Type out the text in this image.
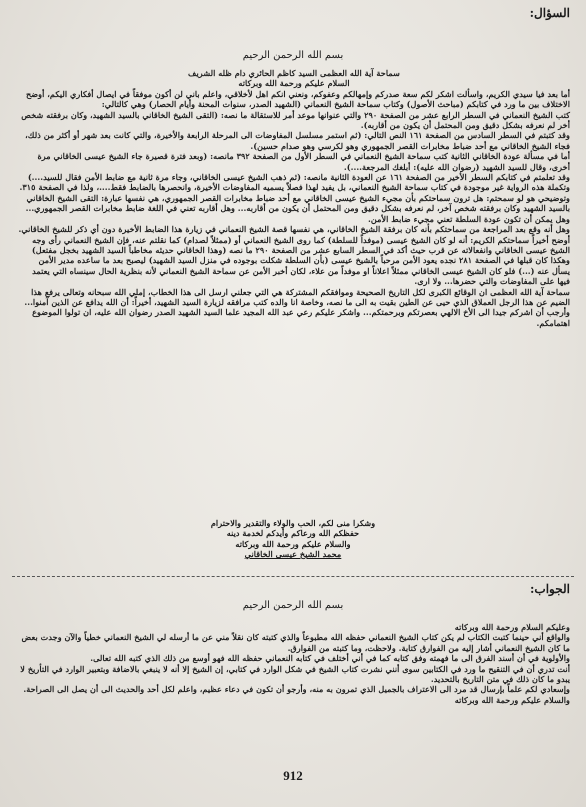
السؤال:
بسم الله الرحمن الرحيم

سماحة آية الله العظمى السيد كاظم الحائري دام ظله الشريف

السلام عليكم ورحمة الله وبركاته

أما بعد فيا سيدي الكريم، واسألت اشكر لكم سعة صدركم وإمهالكم وعفوكم، ونعني انكم اهل لأخلاقي، واعلم باني لن أكون موفقاً في ايصال أفكاري اليكم، أوضح الاختلاف بين ما ورد في كتابكم (مباحث الأصول) وكتاب سماحة الشيخ النعماني (الشهيد الصدر، سنوات المحنة وأيام الحصار) وهي كالتالي:

كتب الشيخ النعماني في السطر الرابع عشر من الصفحة ٢٩٠ والتي عنوانها موعد أمر للاستقالة ما نصه: (التقى الشيخ الخاقاني بالسيد الشهيد، وكان برفقته شخص أخر لم نعرفه بشكل دقيق ومن المحتمل أن يكون من أقاربه).

وقد كتبتم في السطر السادس من الصفحة ١٦١ النص التالي: (ثم استمر مسلسل المفاوضات الى المرحلة الرابعة والأخيرة، والتي كانت بعد شهر أو أكثر من ذلك، فجاء الشيخ الخاقاني مع أحد ضباط مخابرات القصر الجمهوري وهو لكرسي وهو صدام حسين).

أما في مسألة عودة الخاقاني الثانية كتب سماحة الشيخ النعماني في السطر الأول من الصفحة ٣٩٢ مانصه: (وبعد فترة قصيرة جاء الشيخ عيسى الخاقاني مرة أخرى، وقال للسيد الشهيد (رضوان الله عليه): أبلغك المرجعة....).

وقد تعلمتم في كتابكم السطر الأخير من الصفحة ١٦١ عن العودة الثانية مانصه: (ثم ذهب الشيخ عيسى الخاقاني، وجاء مرة ثانية مع ضابط الأمن فقال للسيد....) وتكملة هذه الرواية غير موجودة في كتاب سماحة الشيخ النعماني، بل يفيد لهذا فصلاً يسميه المفاوضات الأخيرة، وانحصرها بالضابط فقط....، ولذا في الصفحة ٣١٥.

وتوضيحي هو لو سمحتم: هل ترون سماحتكم بأن مجيء الشيخ عيسى الخاقاني مع أحد ضباط مخابرات القصر الجمهوري، هي نفسها عبارة: التقى الشيخ الخاقاني بالسيد الشهيد وكان برفقته شخص آخر، لم نعرفه بشكل دقيق ومن المحتمل أن يكون من أقاربه... وهل أقاربه تعني في اللغة ضابط مخابرات القصر الجمهوري... وهل يمكن أن تكون عودة السلطة تعني مجيء ضابط الأمن.

وهل أنه وقع بعد المراجعة من سماحتكم بأنه كان برفقة الشيخ الخاقاني، هي نفسها قصة الشيخ النعماني في زيارة هذا الضابط الأخيرة دون أي ذكر للشيخ الخاقاني.

أوضح أخيراً سماحتكم الكريم: أنه لو كان الشيخ عيسى (موفداً للسلطة) كما روى الشيخ النعماني أو (ممثلاً لصدام) كما نقلتم عنه، فإن الشيخ النعماني رأى وجه الشيخ عيسى الخاقاني وانفعالاته عن قرب حيث أكد في السطر السابع عشر من الصفحة ٢٩٠ ما نصه (وهذا الخاقاني حديثه مخاطباً السيد الشهيد بخجل مفتعل) وهكذا كان قبلها في الصفحة ٢٨١ نجده يعود الأمن مرحباً بالشيخ عيسى (بأن السلطة شكلت بوجوده في منزل السيد الشهيد) ليصبح بعد ما ساعده مدير الأمن يسأل عنه (...) فلو كان الشيخ عيسى الخاقاني ممثلاً اعلاناً او موفداً من علاء، لكان أخبر الأمن عن سماحة الشيخ النعماني لأنه بنظرية الحال سينساه التي يعتمد فيها على المفاوضات والتي حضرها... ولا ارى.

سماحة آية الله العظمى ان الوقائع الكبرى لكل التاريخ الصحيحة وموافقكم المشتركة هي التي جعلني ارسل الى هذا الخطاب، إملي الله سبحانه وتعالى يرفع هذا الضيم عن هذا الرجل العملاق الذي حيى عن الطين بقيت به الى ما نصه، وخاصة انا والده كتب مرافقه لزيارة السيد الشهيد، أخيراً: أن الله يدافع عن الذين آمنوا... وأرجب أن اشركم جيدا الى الأخ الالهي بعصرتكم وبرحمتكم... واشكر عليكم رعي عبد الله المجيد علما السيد الشهيد الصدر رضوان الله عليه، ان تولوا الموضوع اهتمامكم.

وشكرا منى لكم، الحب والولاء والتقدير والاحترام
حفظكم الله ورعاكم وأيدكم لخدمة دينه
والسلام عليكم ورحمة الله وبركاته
محمد الشيخ عيسى الخاقاني
الجواب:
بسم الله الرحمن الرحيم

وعليكم السلام ورحمة الله وبركاته

والواقع أني حينما كتبت الكتاب لم يكن كتاب الشيخ النعماني حفظه الله مطبوعاً والذي كتبته كان نقلاً مني عن ما أرسله لي الشيخ النعماني خطياً والآن وجدت بعض ما كان الشيخ النعماني أشار إليه من الفوارق كتابة. ولاحظت، وما كتبته من الفوارق.

والأولوية في أن أسند الفرق الى ما فهمته وفق كتابه كما في أني أختلف في كتابه النعماني حفظه الله فهو أوسع من ذلك الذي كتبه الله تعالى.

أنت تدري أن في التنقيح ما ورد في الكتابين سوى أنني نشرت كتاب الشيخ في شكل الوارد في كتابي، إن الشيخ إلا أنه لا ينبغي بالاضافة وبتعبير الوارد في التأريخ لا يبدو ما كان ذلك في متن التاريخ بالتحديد.

وإسعادي لكم علماً بإرسال قد مرد الى الاعتراف بالجميل الذي تمرون به منه، وأرجو أن تكون في دعاء عظيم، واعلم لكل أحد والحديث الى أن يصل الى الصراحة.

والسلام عليكم ورحمة الله وبركاته

912
